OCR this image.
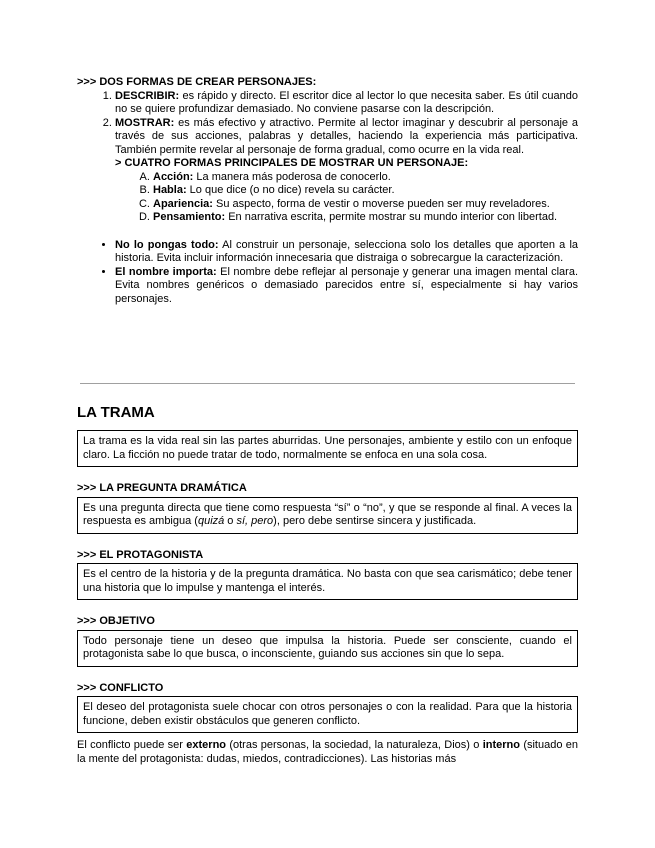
>>> DOS FORMAS DE CREAR PERSONAJES:

1. DESCRIBIR: es rápido y directo. El escritor dice al lector lo que necesita saber. Es útil cuando no se quiere profundizar demasiado. No conviene pasarse con la descripción.
2. MOSTRAR: es más efectivo y atractivo. Permite al lector imaginar y descubrir al personaje a través de sus acciones, palabras y detalles, haciendo la experiencia más participativa. También permite revelar al personaje de forma gradual, como ocurre en la vida real.

> CUATRO FORMAS PRINCIPALES DE MOSTRAR UN PERSONAJE:

A. Acción: La manera más poderosa de conocerlo.
B. Habla: Lo que dice (o no dice) revela su carácter.
C. Apariencia: Su aspecto, forma de vestir o moverse pueden ser muy reveladores.
D. Pensamiento: En narrativa escrita, permite mostrar su mundo interior con libertad.
• No lo pongas todo: Al construir un personaje, selecciona solo los detalles que aporten a la historia. Evita incluir información innecesaria que distraiga o sobrecargue la caracterización.
• El nombre importa: El nombre debe reflejar al personaje y generar una imagen mental clara. Evita nombres genéricos o demasiado parecidos entre sí, especialmente si hay varios personajes.
LA TRAMA
La trama es la vida real sin las partes aburridas. Une personajes, ambiente y estilo con un enfoque claro. La ficción no puede tratar de todo, normalmente se enfoca en una sola cosa.

>>> LA PREGUNTA DRAMÁTICA

Es una pregunta directa que tiene como respuesta “sí” o “no”, y que se responde al final. A veces la respuesta es ambigua (quizá o sí, pero), pero debe sentirse sincera y justificada.

>>> EL PROTAGONISTA

Es el centro de la historia y de la pregunta dramática. No basta con que sea carismático; debe tener una historia que lo impulse y mantenga el interés.

>>> OBJETIVO

Todo personaje tiene un deseo que impulsa la historia. Puede ser consciente, cuando el protagonista sabe lo que busca, o inconsciente, guiando sus acciones sin que lo sepa.

>>> CONFLICTO

El deseo del protagonista suele chocar con otros personajes o con la realidad. Para que la historia funcione, deben existir obstáculos que generen conflicto.

El conflicto puede ser externo (otras personas, la sociedad, la naturaleza, Dios) o interno (situado en la mente del protagonista: dudas, miedos, contradicciones). Las historias más
